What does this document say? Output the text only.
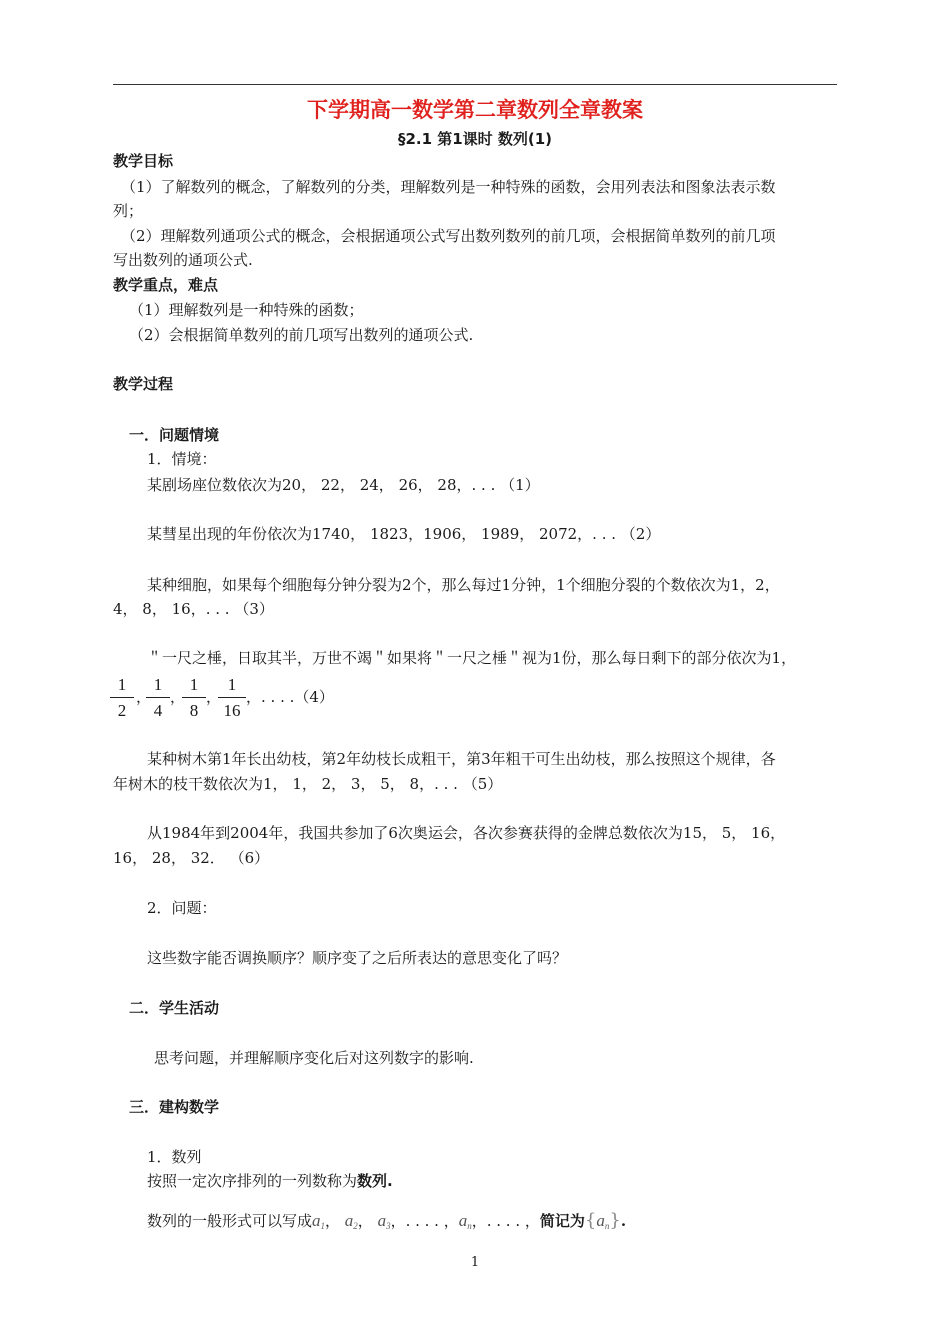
下学期高一数学第二章数列全章教案
§2.1 第1课时 数列(1)
教学目标
（1）了解数列的概念，了解数列的分类，理解数列是一种特殊的函数，会用列表法和图象法表示数
列；
（2）理解数列通项公式的概念，会根据通项公式写出数列数列的前几项，会根据简单数列的前几项
写出数列的通项公式.
教学重点，难点
（1）理解数列是一种特殊的函数；
（2）会根据简单数列的前几项写出数列的通项公式.
教学过程
一．问题情境
1．情境：
某剧场座位数依次为20， 22， 24， 26， 28，. . . （1）
某彗星出现的年份依次为1740， 1823，1906， 1989， 2072，. . . （2）
某种细胞，如果每个细胞每分钟分裂为2个，那么每过1分钟，1个细胞分裂的个数依次为1，2，
4， 8， 16，. . . （3）
＂一尺之棰，日取其半，万世不竭＂如果将＂一尺之棰＂视为1份，那么每日剩下的部分依次为1，
1
2
，
1
4
，
1
8
，
1
16
，. . . .（4）
某种树木第1年长出幼枝，第2年幼枝长成粗干，第3年粗干可生出幼枝，那么按照这个规律，各
年树木的枝干数依次为1， 1， 2， 3， 5， 8，. . . （5）
从1984年到2004年，我国共参加了6次奥运会，各次参赛获得的金牌总数依次为15， 5， 16，
16， 28， 32． （6）
2．问题：
这些数字能否调换顺序？顺序变了之后所表达的意思变化了吗？
二．学生活动
思考问题，并理解顺序变化后对这列数字的影响.
三．建构数学
1．数列
按照一定次序排列的一列数称为数列.
数列的一般形式可以写成$a_1$， $a_2$， $a_3$，. . . . ，$a_n$，. . . . ，简记为$\{a_n\}$.
1
